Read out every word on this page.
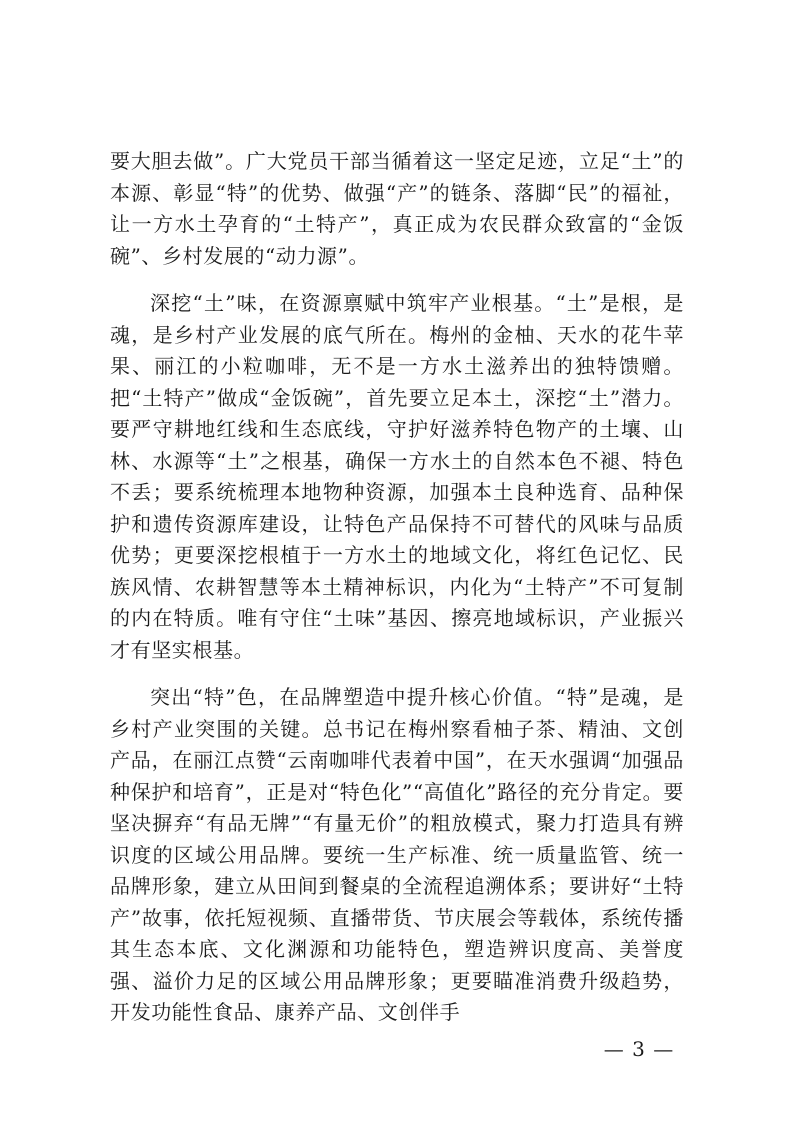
要大胆去做”。广大党员干部当循着这一坚定足迹，立足“土”的本源、彰显“特”的优势、做强“产”的链条、落脚“民”的福祉，让一方水土孕育的“土特产”，真正成为农民群众致富的“金饭碗”、乡村发展的“动力源”。

深挖“土”味，在资源禀赋中筑牢产业根基。“土”是根，是魂，是乡村产业发展的底气所在。梅州的金柚、天水的花牛苹果、丽江的小粒咖啡，无不是一方水土滋养出的独特馈赠。把“土特产”做成“金饭碗”，首先要立足本土，深挖“土”潜力。要严守耕地红线和生态底线，守护好滋养特色物产的土壤、山林、水源等“土”之根基，确保一方水土的自然本色不褪、特色不丢；要系统梳理本地物种资源，加强本土良种选育、品种保护和遗传资源库建设，让特色产品保持不可替代的风味与品质优势；更要深挖根植于一方水土的地域文化，将红色记忆、民族风情、农耕智慧等本土精神标识，内化为“土特产”不可复制的内在特质。唯有守住“土味”基因、擦亮地域标识，产业振兴才有坚实根基。

突出“特”色，在品牌塑造中提升核心价值。“特”是魂，是乡村产业突围的关键。总书记在梅州察看柚子茶、精油、文创产品，在丽江点赞“云南咖啡代表着中国”，在天水强调“加强品种保护和培育”，正是对“特色化”“高值化”路径的充分肯定。要坚决摒弃“有品无牌”“有量无价”的粗放模式，聚力打造具有辨识度的区域公用品牌。要统一生产标准、统一质量监管、统一品牌形象，建立从田间到餐桌的全流程追溯体系；要讲好“土特产”故事，依托短视频、直播带货、节庆展会等载体，系统传播其生态本底、文化渊源和功能特色，塑造辨识度高、美誉度强、溢价力足的区域公用品牌形象；更要瞄准消费升级趋势，开发功能性食品、康养产品、文创伴手

— 3 —
